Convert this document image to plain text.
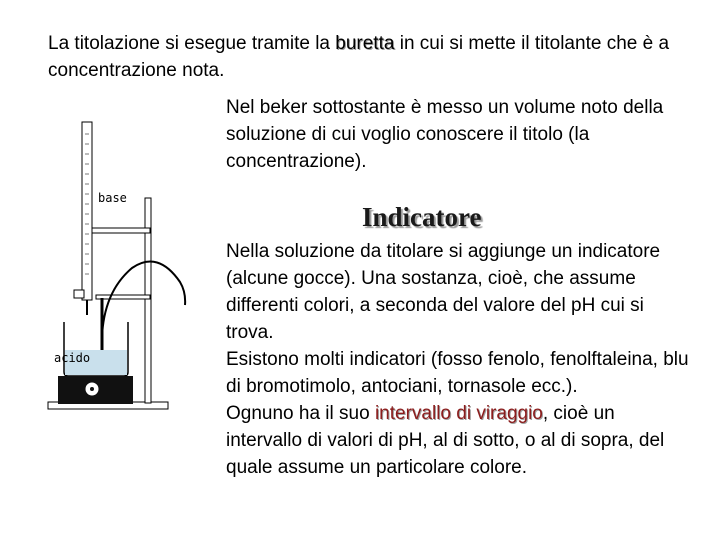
La titolazione si esegue tramite la buretta in cui si mette il titolante che è a concentrazione nota.
Nel beker sottostante è messo un volume noto della soluzione di cui voglio conoscere il titolo (la concentrazione).
Indicatore
Nella soluzione da titolare si aggiunge un indicatore (alcune gocce). Una sostanza, cioè, che assume differenti colori, a seconda del valore del pH cui si trova.
Esistono molti indicatori (fosso fenolo, fenolftaleina, blu di bromotimolo, antociani, tornasole ecc.).
Ognuno ha il suo intervallo di viraggio, cioè un intervallo di valori di pH, al di sotto, o al di sopra, del quale assume un particolare colore.
base
acido
